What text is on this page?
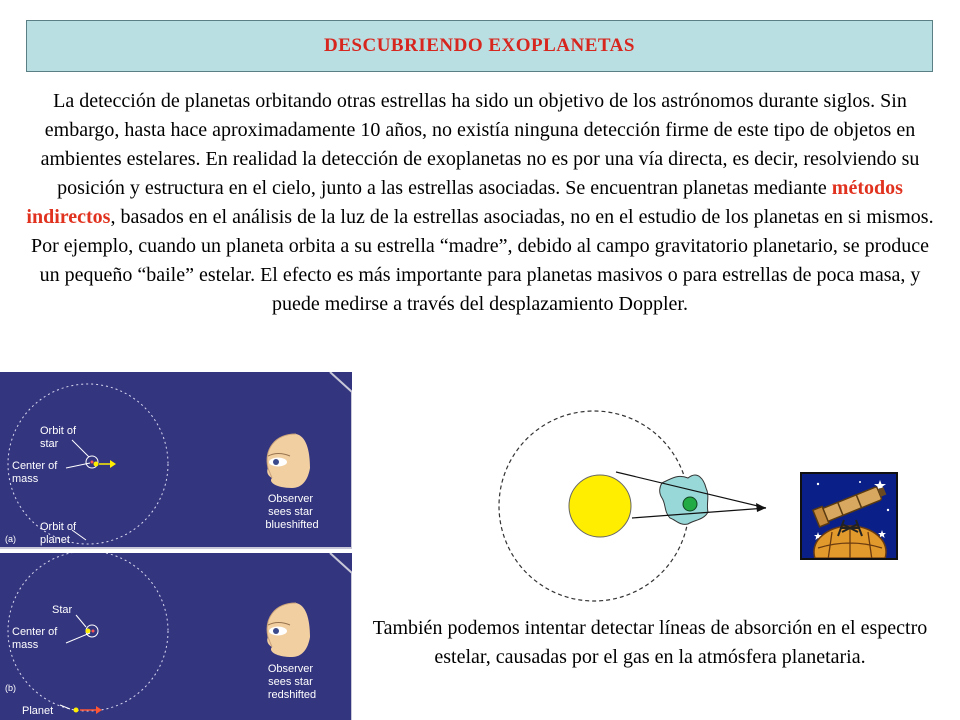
DESCUBRIENDO EXOPLANETAS

La detección de planetas orbitando otras estrellas ha sido un objetivo de los astrónomos durante siglos. Sin embargo, hasta hace aproximadamente 10 años, no existía ninguna detección firme de este tipo de objetos en ambientes estelares. En realidad la detección de exoplanetas no es por una vía directa, es decir, resolviendo su posición y estructura en el cielo, junto a las estrellas asociadas. Se encuentran planetas mediante métodos indirectos, basados en el análisis de la luz de la estrellas asociadas, no en el estudio de los planetas en si mismos. Por ejemplo, cuando un planeta orbita a su estrella “madre”, debido al campo gravitatorio planetario, se produce un pequeño “baile” estelar. El efecto es más importante para planetas masivos o para estrellas de poca masa, y puede medirse a través del desplazamiento Doppler.

Orbit of star
Center of mass
Orbit of planet
(a)
Observer sees star blueshifted
Star
Center of mass
Planet
(b)
Observer sees star redshifted

También podemos intentar detectar líneas de absorción en el espectro estelar, causadas por el gas en la atmósfera planetaria.
